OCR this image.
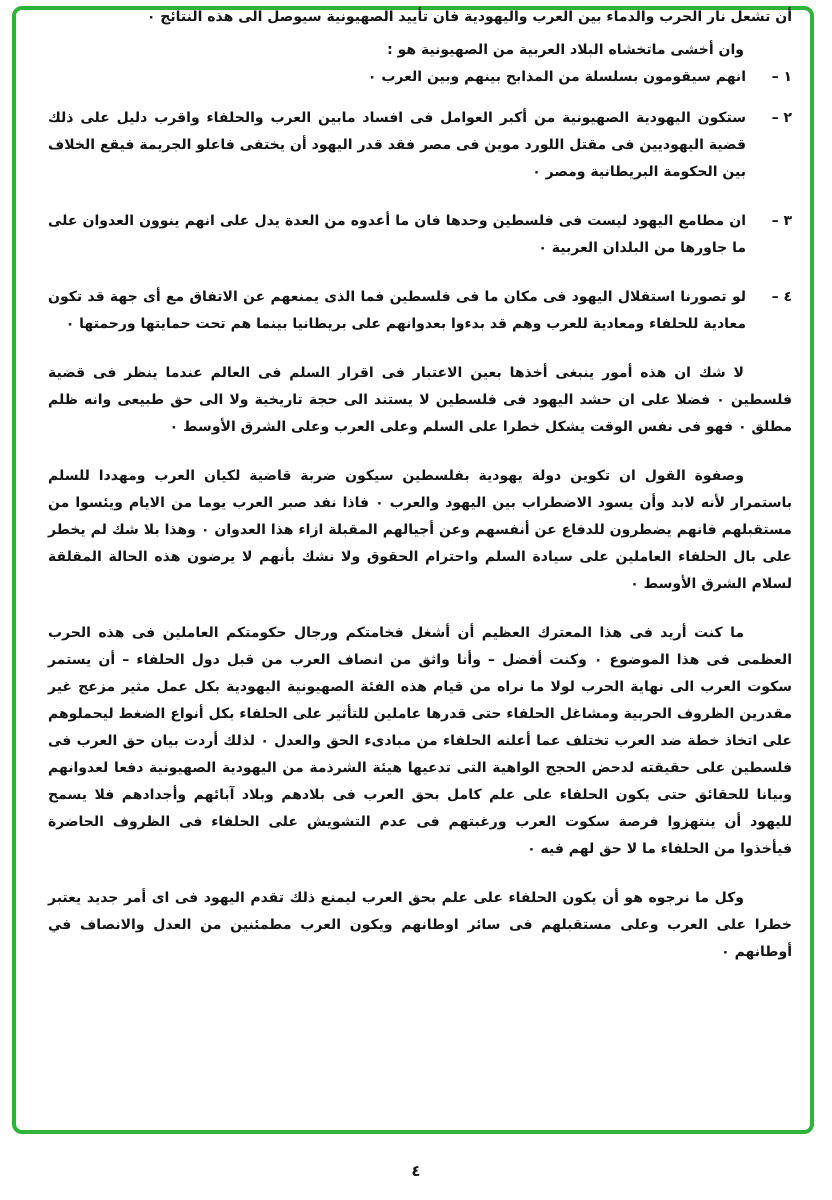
أن تشعل نار الحرب والدماء بين العرب واليهودية فان تأييد الصهيونية سيوصل الى هذه النتائج ٠

وان أخشى ماتخشاه البلاد العربية من الصهيونية هو :

١ –
انهم سيقومون بسلسلة من المذابح بينهم وبين العرب ٠
٢ –
ستكون اليهودية الصهيونية من أكبر العوامل فى افساد مابين العرب والحلفاء واقرب دليل على ذلك قضية اليهوديين فى مقتل اللورد موين فى مصر فقد قدر اليهود أن يختفى فاعلو الجريمة فيقع الخلاف بين الحكومة البريطانية ومصر ٠
٣ –
ان مطامع اليهود ليست فى فلسطين وحدها فان ما أعدوه من العدة يدل على انهم ينوون العدوان على ما جاورها من البلدان العربية ٠
٤ –
لو تصورنا استقلال اليهود فى مكان ما فى فلسطين فما الذى يمنعهم عن الاتفاق مع أى جهة قد تكون معادية للحلفاء ومعادية للعرب وهم قد بدءوا بعدوانهم على بريطانيا بينما هم تحت حمايتها ورحمتها ٠

لا شك ان هذه أمور ينبغى أخذها بعين الاعتبار فى اقرار السلم فى العالم عندما ينظر فى قضية فلسطين ٠ فضلا على ان حشد اليهود فى فلسطين لا يستند الى حجة تاريخية ولا الى حق طبيعى وانه ظلم مطلق ٠ فهو فى نفس الوقت يشكل خطرا على السلم وعلى العرب وعلى الشرق الأوسط ٠

وصفوة القول ان تكوين دولة يهودية بفلسطين سيكون ضربة قاضية لكيان العرب ومهددا للسلم باستمرار لأنه لابد وأن يسود الاضطراب بين اليهود والعرب ٠ فاذا نفد صبر العرب يوما من الايام ويئسوا من مستقبلهم فانهم يضطرون للدفاع عن أنفسهم وعن أجيالهم المقبلة ازاء هذا العدوان ٠ وهذا بلا شك لم يخطر على بال الحلفاء العاملين على سيادة السلم واحترام الحقوق ولا نشك بأنهم لا يرضون هذه الحالة المقلقة لسلام الشرق الأوسط ٠

ما كنت أريد فى هذا المعترك العظيم أن أشغل فخامتكم ورجال حكومتكم العاملين فى هذه الحرب العظمى فى هذا الموضوع ٠ وكنت أفضل – وأنا واثق من انصاف العرب من قبل دول الحلفاء – أن يستمر سكوت العرب الى نهاية الحرب لولا ما نراه من قيام هذه الفئة الصهيونية اليهودية بكل عمل مثير مزعج غير مقدرين الظروف الحربية ومشاغل الحلفاء حتى قدرها عاملين للتأثير على الحلفاء بكل أنواع الضغط ليحملوهم على اتخاذ خطة ضد العرب تختلف عما أعلنه الحلفاء من مبادىء الحق والعدل ٠ لذلك أردت بيان حق العرب فى فلسطين على حقيقته لدحض الحجج الواهية التى تدعيها هيئة الشرذمة من اليهودية الصهيونية دفعا لعدوانهم وبيانا للحقائق حتى يكون الحلفاء على علم كامل بحق العرب فى بلادهم وبلاد آبائهم وأجدادهم فلا يسمح لليهود أن ينتهزوا فرصة سكوت العرب ورغبتهم فى عدم التشويش على الحلفاء فى الظروف الحاضرة فيأخذوا من الحلفاء ما لا حق لهم فيه ٠

وكل ما نرجوه هو أن يكون الحلفاء على علم بحق العرب ليمنع ذلك تقدم اليهود فى اى أمر جديد يعتبر خطرا على العرب وعلى مستقبلهم فى سائر اوطانهم ويكون العرب مطمئنين من العدل والانصاف في أوطانهم ٠

٤
